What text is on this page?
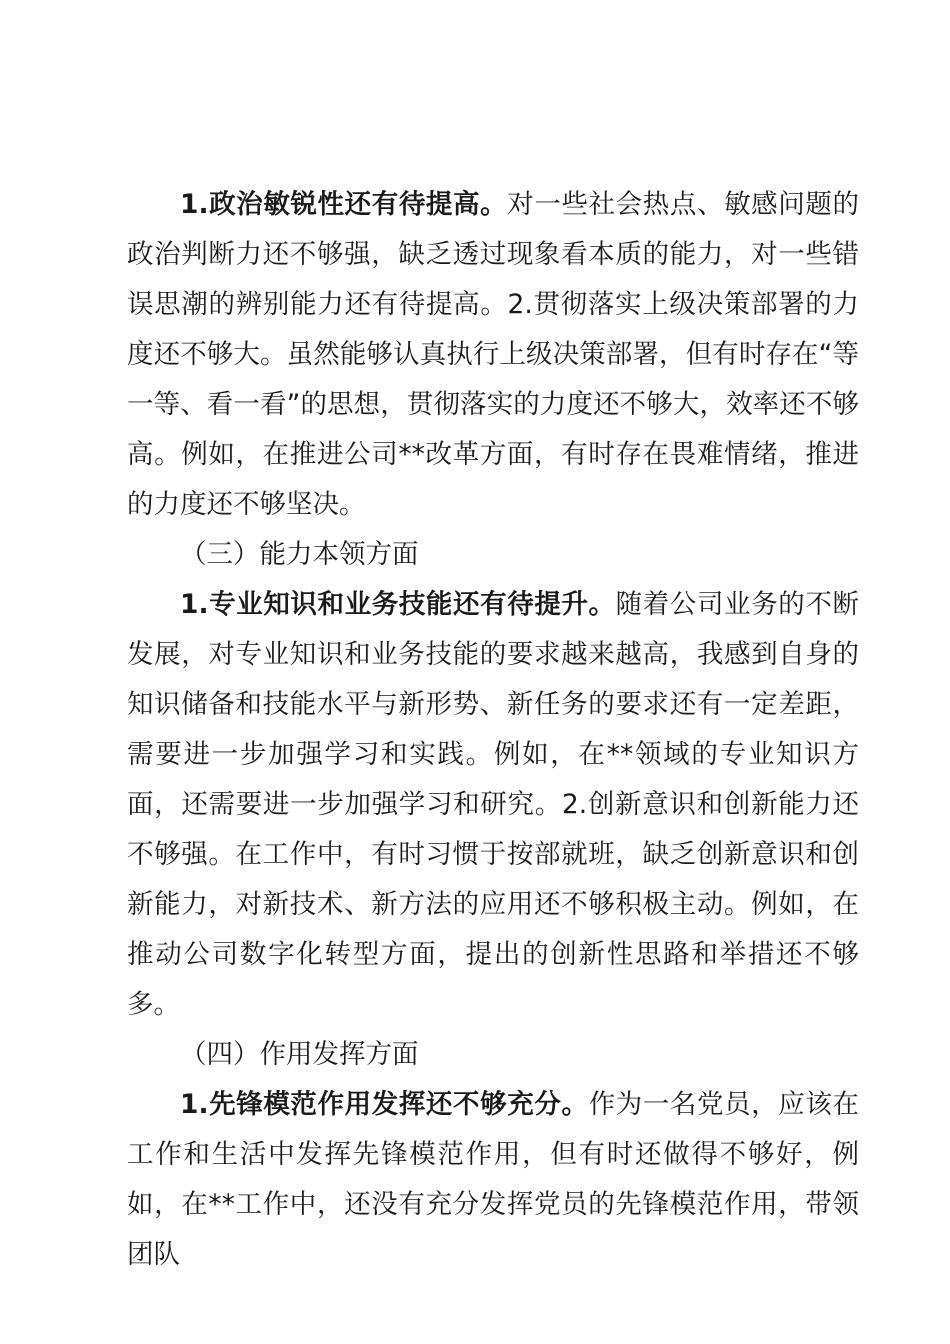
1.政治敏锐性还有待提高。对一些社会热点、敏感问题的政治判断力还不够强，缺乏透过现象看本质的能力，对一些错误思潮的辨别能力还有待提高。2.贯彻落实上级决策部署的力度还不够大。虽然能够认真执行上级决策部署，但有时存在“等一等、看一看”的思想，贯彻落实的力度还不够大，效率还不够高。例如，在推进公司**改革方面，有时存在畏难情绪，推进的力度还不够坚决。

（三）能力本领方面

1.专业知识和业务技能还有待提升。随着公司业务的不断发展，对专业知识和业务技能的要求越来越高，我感到自身的知识储备和技能水平与新形势、新任务的要求还有一定差距，需要进一步加强学习和实践。例如，在**领域的专业知识方面，还需要进一步加强学习和研究。2.创新意识和创新能力还不够强。在工作中，有时习惯于按部就班，缺乏创新意识和创新能力，对新技术、新方法的应用还不够积极主动。例如，在推动公司数字化转型方面，提出的创新性思路和举措还不够多。

（四）作用发挥方面

1.先锋模范作用发挥还不够充分。作为一名党员，应该在工作和生活中发挥先锋模范作用，但有时还做得不够好，例如，在**工作中，还没有充分发挥党员的先锋模范作用，带领团队
